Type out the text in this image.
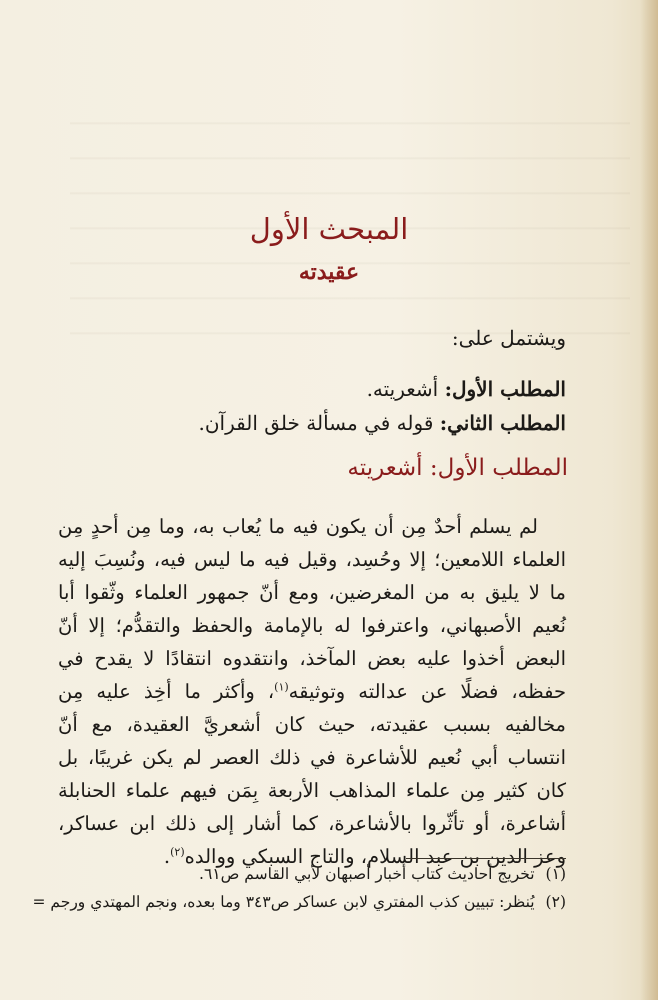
المبحث الأول
عقيدته

ويشتمل على:

المطلب الأول: أشعريته.
المطلب الثاني: قوله في مسألة خلق القرآن.
المطلب الأول: أشعريته

لم يسلم أحدٌ مِن أن يكون فيه ما يُعاب به، وما مِن أحدٍ مِن العلماء اللامعين؛ إلا وحُسِد، وقيل فيه ما ليس فيه، ونُسِبَ إليه ما لا يليق به من المغرضين، ومع أنّ جمهور العلماء وثّقوا أبا نُعيم الأصبهاني، واعترفوا له بالإمامة والحفظ والتقدُّم؛ إلا أنّ البعض أخذوا عليه بعض المآخذ، وانتقدوه انتقادًا لا يقدح في حفظه، فضلًا عن عدالته وتوثيقه$^{(١)}$، وأكثر ما أخِذ عليه مِن مخالفيه بسبب عقيدته، حيث كان أشعريَّ العقيدة، مع أنّ انتساب أبي نُعيم للأشاعرة في ذلك العصر لم يكن غريبًا، بل كان كثير مِن علماء المذاهب الأربعة بِمَن فيهم علماء الحنابلة أشاعرة، أو تأثّروا بالأشاعرة، كما أشار إلى ذلك ابن عساكر، وعز الدين بن عبد السلام، والتاج السبكي ووالده$^{(٢)}$.

(١) تخريج أحاديث كتاب أخبار أصبهان لأبي القاسم ص٦١.
(٢) يُنظر: تبيين كذب المفتري لابن عساكر ص٣٤٣ وما بعده، ونجم المهتدي ورجم =
